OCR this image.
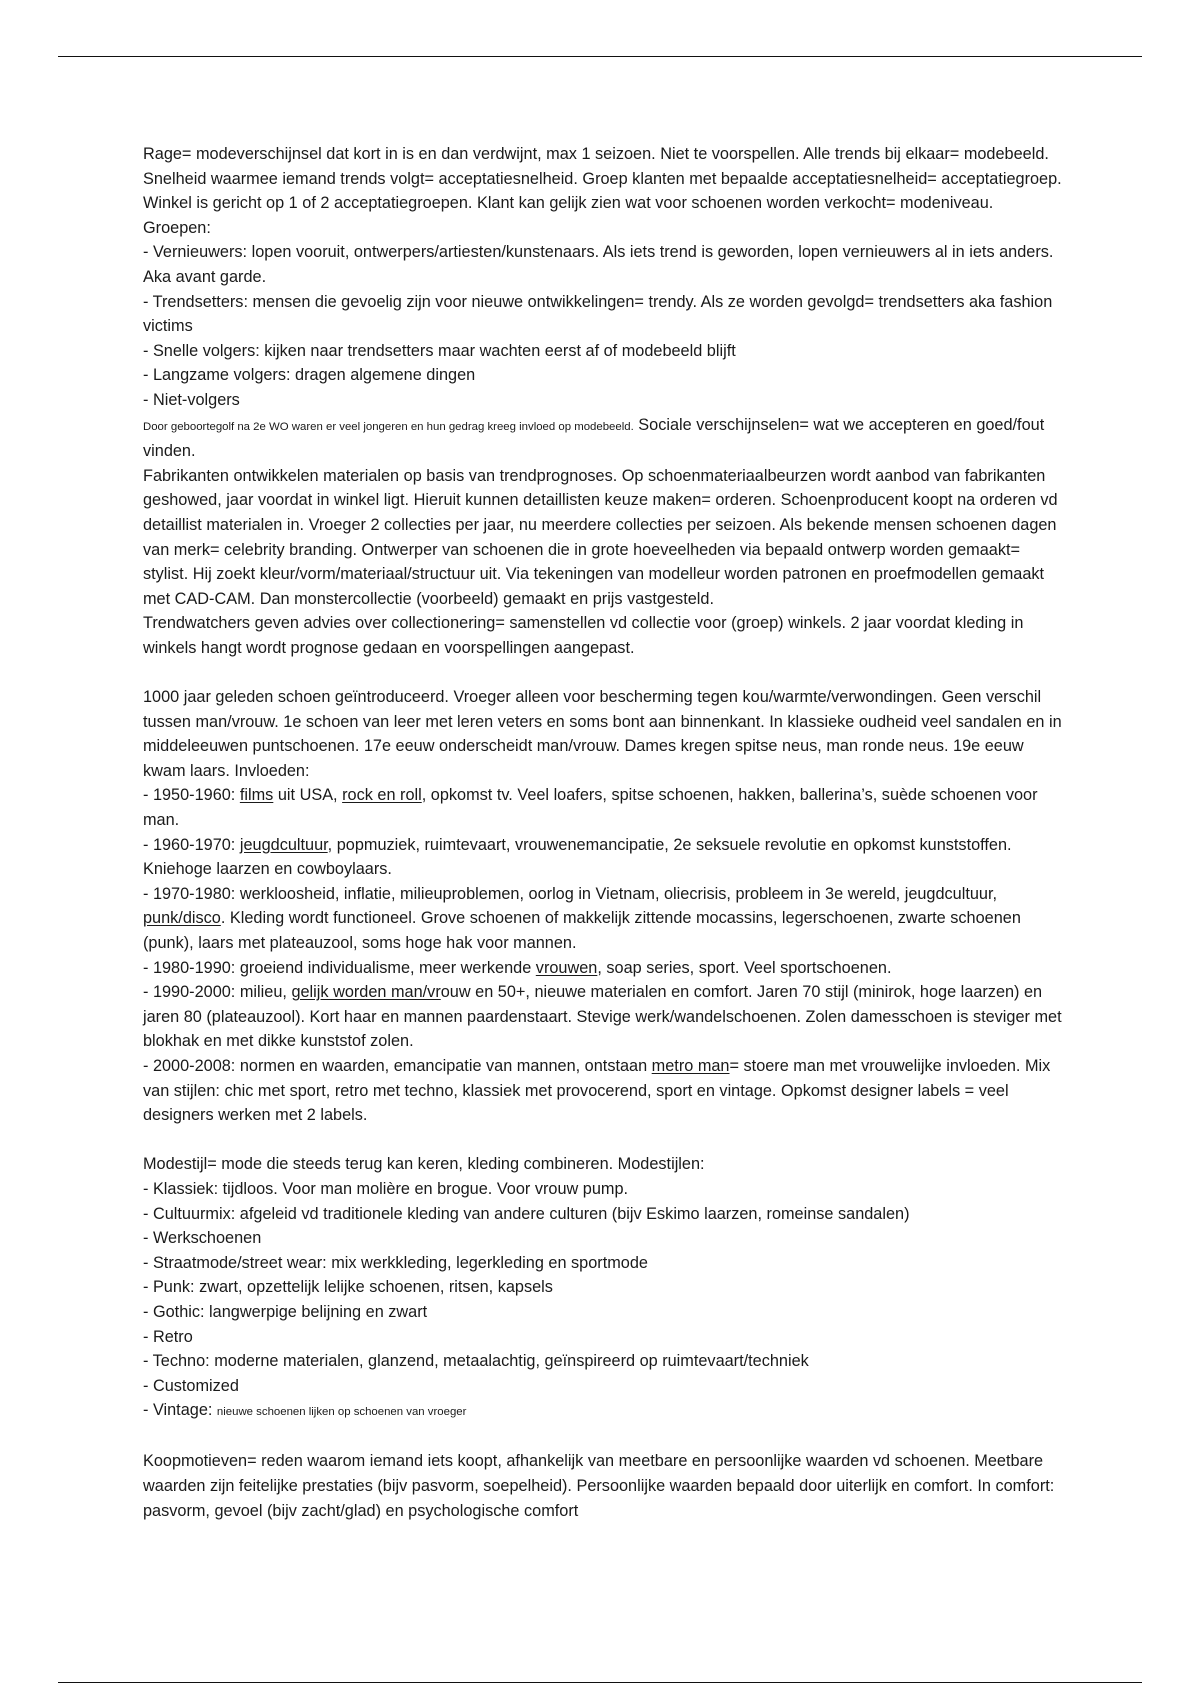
Rage= modeverschijnsel dat kort in is en dan verdwijnt, max 1 seizoen. Niet te voorspellen. Alle trends bij elkaar= modebeeld. Snelheid waarmee iemand trends volgt= acceptatiesnelheid. Groep klanten met bepaalde acceptatiesnelheid= acceptatiegroep. Winkel is gericht op 1 of 2 acceptatiegroepen. Klant kan gelijk zien wat voor schoenen worden verkocht= modeniveau. Groepen:

- Vernieuwers: lopen vooruit, ontwerpers/artiesten/kunstenaars. Als iets trend is geworden, lopen vernieuwers al in iets anders. Aka avant garde.

- Trendsetters: mensen die gevoelig zijn voor nieuwe ontwikkelingen= trendy. Als ze worden gevolgd= trendsetters aka fashion victims

- Snelle volgers: kijken naar trendsetters maar wachten eerst af of modebeeld blijft

- Langzame volgers: dragen algemene dingen

- Niet-volgers

Door geboortegolf na 2e WO waren er veel jongeren en hun gedrag kreeg invloed op modebeeld. Sociale verschijnselen= wat we accepteren en goed/fout vinden.

Fabrikanten ontwikkelen materialen op basis van trendprognoses. Op schoenmateriaalbeurzen wordt aanbod van fabrikanten geshowed, jaar voordat in winkel ligt. Hieruit kunnen detaillisten keuze maken= orderen. Schoenproducent koopt na orderen vd detaillist materialen in. Vroeger 2 collecties per jaar, nu meerdere collecties per seizoen. Als bekende mensen schoenen dagen van merk= celebrity branding. Ontwerper van schoenen die in grote hoeveelheden via bepaald ontwerp worden gemaakt= stylist. Hij zoekt kleur/vorm/materiaal/structuur uit. Via tekeningen van modelleur worden patronen en proefmodellen gemaakt met CAD-CAM. Dan monstercollectie (voorbeeld) gemaakt en prijs vastgesteld.

Trendwatchers geven advies over collectionering= samenstellen vd collectie voor (groep) winkels. 2 jaar voordat kleding in winkels hangt wordt prognose gedaan en voorspellingen aangepast.

1000 jaar geleden schoen geïntroduceerd. Vroeger alleen voor bescherming tegen kou/warmte/verwondingen. Geen verschil tussen man/vrouw. 1e schoen van leer met leren veters en soms bont aan binnenkant. In klassieke oudheid veel sandalen en in middeleeuwen puntschoenen. 17e eeuw onderscheidt man/vrouw. Dames kregen spitse neus, man ronde neus. 19e eeuw kwam laars. Invloeden:

- 1950-1960: films uit USA, rock en roll, opkomst tv. Veel loafers, spitse schoenen, hakken, ballerina’s, suède schoenen voor man.

- 1960-1970: jeugdcultuur, popmuziek, ruimtevaart, vrouwenemancipatie, 2e seksuele revolutie en opkomst kunststoffen. Kniehoge laarzen en cowboylaars.

- 1970-1980: werkloosheid, inflatie, milieuproblemen, oorlog in Vietnam, oliecrisis, probleem in 3e wereld, jeugdcultuur, punk/disco. Kleding wordt functioneel. Grove schoenen of makkelijk zittende mocassins, legerschoenen, zwarte schoenen (punk), laars met plateauzool, soms hoge hak voor mannen.

- 1980-1990: groeiend individualisme, meer werkende vrouwen, soap series, sport. Veel sportschoenen.

- 1990-2000: milieu, gelijk worden man/vrouw en 50+, nieuwe materialen en comfort. Jaren 70 stijl (minirok, hoge laarzen) en jaren 80 (plateauzool). Kort haar en mannen paardenstaart. Stevige werk/wandelschoenen. Zolen damesschoen is steviger met blokhak en met dikke kunststof zolen.

- 2000-2008: normen en waarden, emancipatie van mannen, ontstaan metro man= stoere man met vrouwelijke invloeden. Mix van stijlen: chic met sport, retro met techno, klassiek met provocerend, sport en vintage. Opkomst designer labels = veel designers werken met 2 labels.

Modestijl= mode die steeds terug kan keren, kleding combineren. Modestijlen:

- Klassiek: tijdloos. Voor man molière en brogue. Voor vrouw pump.

- Cultuurmix: afgeleid vd traditionele kleding van andere culturen (bijv Eskimo laarzen, romeinse sandalen)

- Werkschoenen

- Straatmode/street wear: mix werkkleding, legerkleding en sportmode

- Punk: zwart, opzettelijk lelijke schoenen, ritsen, kapsels

- Gothic: langwerpige belijning en zwart

- Retro

- Techno: moderne materialen, glanzend, metaalachtig, geïnspireerd op ruimtevaart/techniek

- Customized

- Vintage: nieuwe schoenen lijken op schoenen van vroeger

Koopmotieven= reden waarom iemand iets koopt, afhankelijk van meetbare en persoonlijke waarden vd schoenen. Meetbare waarden zijn feitelijke prestaties (bijv pasvorm, soepelheid). Persoonlijke waarden bepaald door uiterlijk en comfort. In comfort: pasvorm, gevoel (bijv zacht/glad) en psychologische comfort
